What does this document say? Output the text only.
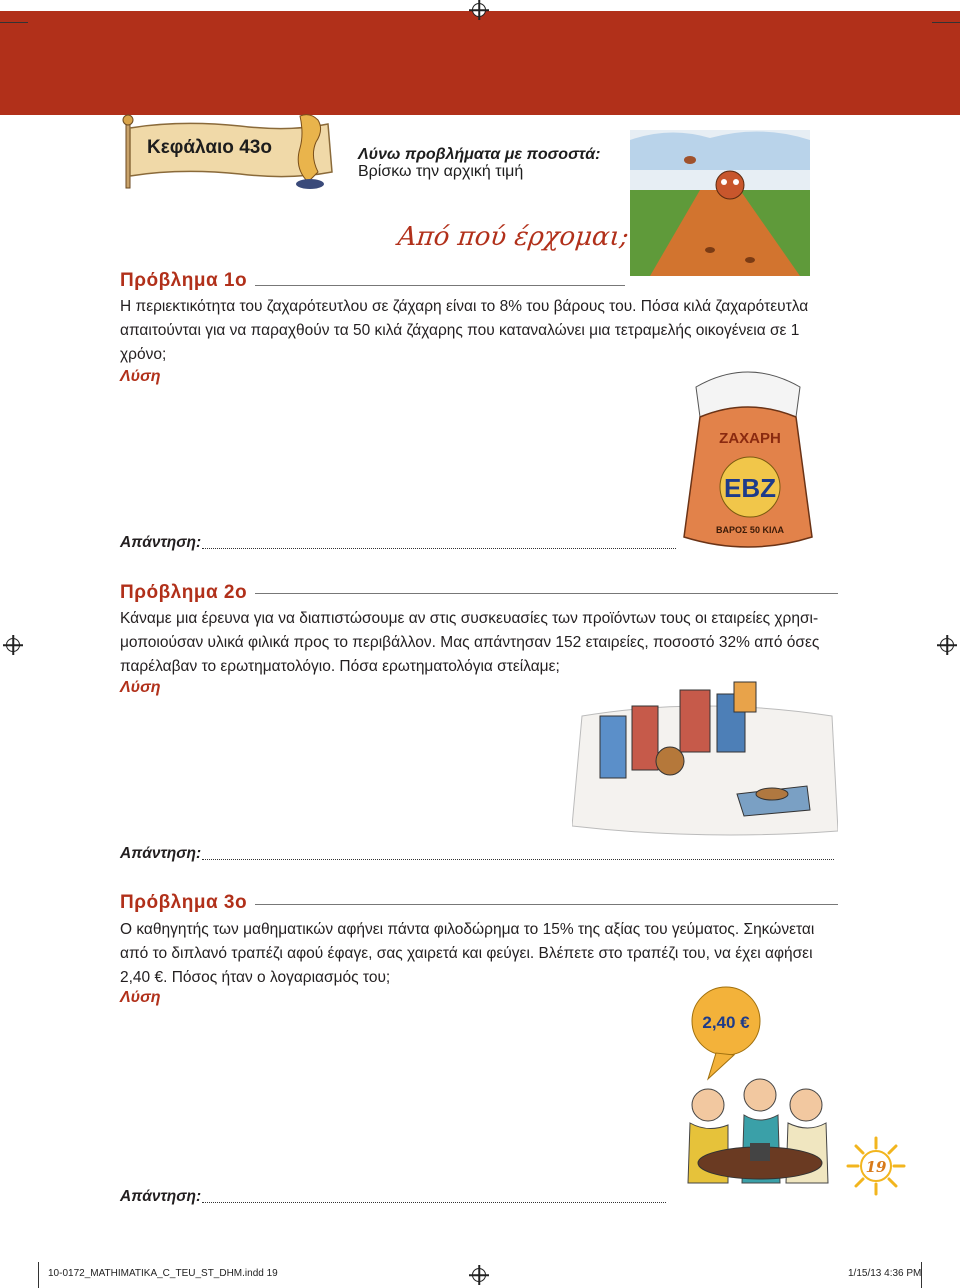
Κεφάλαιο 43ο	Λύνω προβλήματα με ποσοστά:
Βρίσκω την αρχική τιμή
Από πού έρχομαι;
Πρόβλημα 1ο
Η περιεκτικότητα του ζαχαρότευτλου σε ζάχαρη είναι το 8% του βάρους του. Πόσα κιλά ζαχαρότευτλα
απαιτούνται για να παραχθούν τα 50 κιλά ζάχαρης που καταναλώνει μια τετραμελής οικογένεια σε 1
χρόνο;
Λύση
Απάντηση:
EBZ
ΖΑΧΑΡΗ
ΒΑΡΟΣ 50 ΚΙΛΑ
Πρόβλημα 2ο
Κάναμε μια έρευνα για να διαπιστώσουμε αν στις συσκευασίες των προϊόντων τους οι εταιρείες χρησι-
μοποιούσαν υλικά φιλικά προς το περιβάλλον. Μας απάντησαν 152 εταιρείες, ποσοστό 32% από όσες
παρέλαβαν το ερωτηματολόγιο. Πόσα ερωτηματολόγια στείλαμε;
Λύση
Απάντηση:
Πρόβλημα 3ο
Ο καθηγητής των μαθηματικών αφήνει πάντα φιλοδώρημα το 15% της αξίας του γεύματος. Σηκώνεται
από το διπλανό τραπέζι αφού έφαγε, σας χαιρετά και φεύγει. Βλέπετε στο τραπέζι του, να έχει αφήσει
2,40 €. Πόσος ήταν ο λογαριασμός του;
Λύση
2,40 €
19
Απάντηση:
10-0172_MATHIMATIKA_C_TEU_ST_DHM.indd 19	1/15/13 4:36 PM
